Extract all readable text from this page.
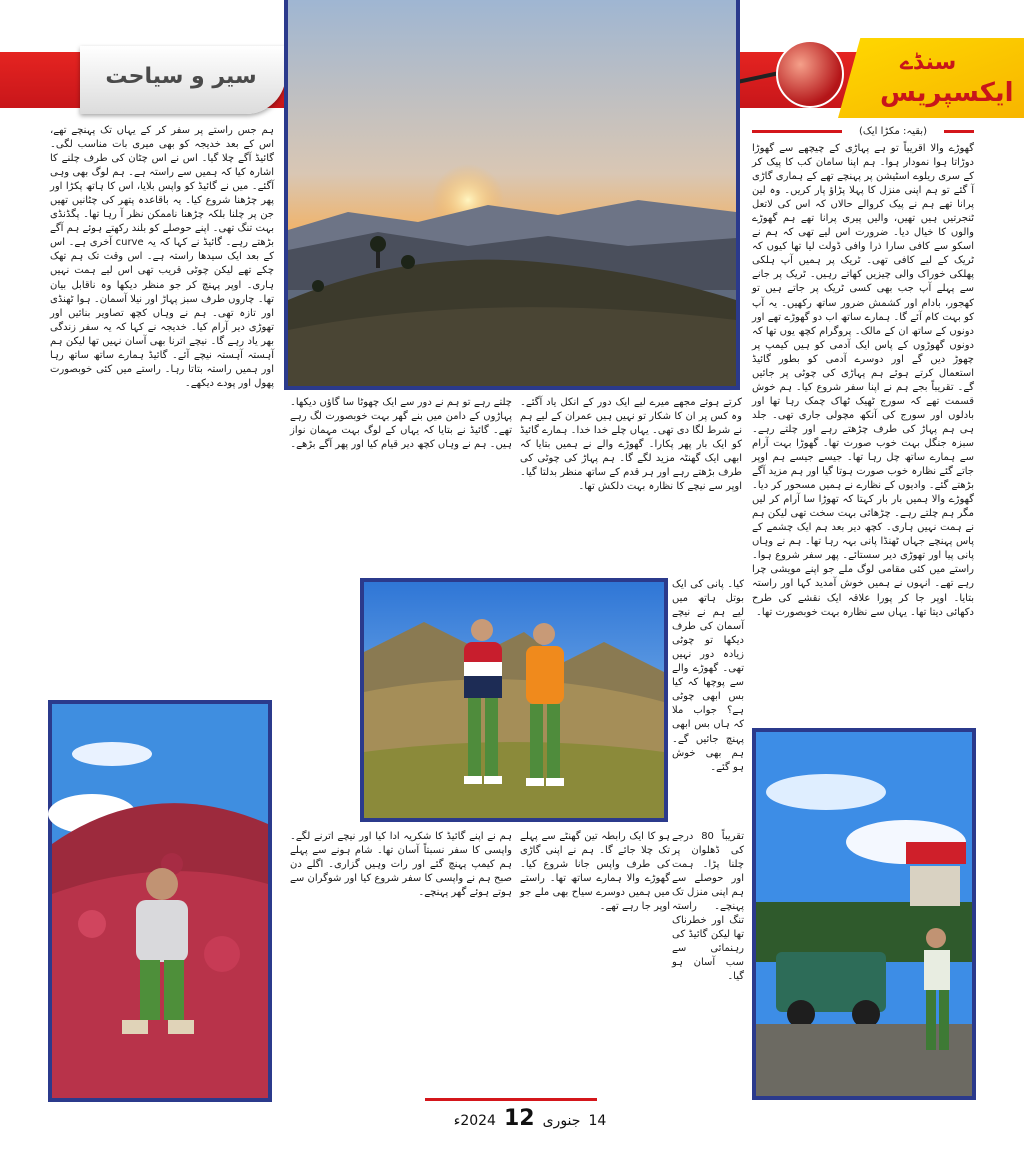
سیر و سیاحت
سنڈے
ایکسپریس
(بقیہ: مکڑا ایک)
گھوڑے والا اقریباً تو ہے پہاڑی کے چیچھے سے گھوڑا دوڑاتا ہوا نمودار ہوا۔ ہم اپنا سامان کب کا پیک کر کے سری ریلوے اسٹیشن پر پہنچے تھے کے ہماری گاڑی آ گئے تو ہم اپنی منزل کا پہلا پڑاؤ پار کریں۔ وہ لین پرانا تھے ہم نے پیک کروالے حالاں کہ اس کی لاتعل ٹنجرتیں ہیں تھیں، والیں پیری پرانا تھے ہم گھوڑے والوں کا خیال دیا۔ ضرورت اس لیے تھی کہ ہم نے اسکو سے کافی سارا ذرا وافی ڈولت لیا تھا کیوں کہ ٹریک کے لیے کافی تھی۔ ٹریک پر ہمیں آپ ہلکی پھلکی خوراک والی چیزیں کھاتے رہیں۔ ٹریک پر جانے سے پہلے آپ جب بھی کسی ٹریک پر جاتے ہیں تو کھجور، بادام اور کشمش ضرور ساتھ رکھیں۔ یہ آپ کو بہت کام آئے گا۔ ہمارے ساتھ اب دو گھوڑے تھے اور دونوں کے ساتھ ان کے مالک۔ پروگرام کچھ یوں تھا کہ دونوں گھوڑوں کے پاس ایک آدمی کو ہیں کیمپ پر چھوڑ دیں گے اور دوسرے آدمی کو بطور گائیڈ استعمال کرتے ہوئے ہم پہاڑی کی چوٹی پر جائیں گے۔ تقریباً بجے ہم نے اپنا سفر شروع کیا۔ ہم خوش قسمت تھے کہ سورج ٹھیک ٹھاک چمک رہا تھا اور بادلوں اور سورج کی آنکھ مچولی جاری تھی۔ جلد ہی ہم پہاڑ کی طرف چڑھتے رہے اور چلتے رہے۔ سبزہ جنگل بہت خوب صورت تھا۔ گھوڑا بہت آرام سے ہمارے ساتھ چل رہا تھا۔ جیسے جیسے ہم اوپر جاتے گئے نظارہ خوب صورت ہوتا گیا اور ہم مزید آگے بڑھتے گئے۔ وادیوں کے نظارے نے ہمیں مسحور کر دیا۔ گھوڑے والا ہمیں بار بار کہتا کہ تھوڑا سا آرام کر لیں مگر ہم چلتے رہے۔ چڑھائی بہت سخت تھی لیکن ہم نے ہمت نہیں ہاری۔ کچھ دیر بعد ہم ایک چشمے کے پاس پہنچے جہاں ٹھنڈا پانی بہہ رہا تھا۔ ہم نے وہاں پانی پیا اور تھوڑی دیر سستائے۔ پھر سفر شروع ہوا۔ راستے میں کئی مقامی لوگ ملے جو اپنے مویشی چرا رہے تھے۔ انہوں نے ہمیں خوش آمدید کہا اور راستہ بتایا۔ اوپر جا کر پورا علاقہ ایک نقشے کی طرح دکھائی دیتا تھا۔ یہاں سے نظارہ بہت خوبصورت تھا۔
ہم جس راستے پر سفر کر کے یہاں تک پہنچے تھے، اس کے بعد خدیجہ کو بھی میری بات مناسب لگی۔ گائیڈ آگے چلا گیا۔ اس نے اس چٹان کی طرف چلنے کا اشارہ کیا کہ ہمیں سے راستہ ہے۔ ہم لوگ بھی وہی آگئے۔ میں نے گائیڈ کو واپس بلایا، اس کا ہاتھ پکڑا اور پھر چڑھنا شروع کیا۔ یہ باقاعدہ پتھر کی چٹانیں تھیں جن پر چلنا بلکہ چڑھنا ناممکن نظر آ رہا تھا۔ پگڈنڈی بہت تنگ تھی۔ اپنے حوصلے کو بلند رکھتے ہوئے ہم آگے بڑھتے رہے۔ گائیڈ نے کہا کہ یہ curve آخری ہے۔ اس کے بعد ایک سیدھا راستہ ہے۔ اس وقت تک ہم تھک چکے تھے لیکن چوٹی قریب تھی اس لیے ہمت نہیں ہاری۔ اوپر پہنچ کر جو منظر دیکھا وہ ناقابل بیان تھا۔ چاروں طرف سبز پہاڑ اور نیلا آسمان۔ ہوا ٹھنڈی اور تازہ تھی۔ ہم نے وہاں کچھ تصاویر بنائیں اور تھوڑی دیر آرام کیا۔ خدیجہ نے کہا کہ یہ سفر زندگی بھر یاد رہے گا۔ نیچے اترنا بھی آسان نہیں تھا لیکن ہم آہستہ آہستہ نیچے آئے۔ گائیڈ ہمارے ساتھ ساتھ رہا اور ہمیں راستہ بتاتا رہا۔ راستے میں کئی خوبصورت پھول اور پودے دیکھے۔
کرتے ہوئے مجھے میرے لیے ایک دور کے انکل یاد آگئے۔ وہ کس پر ان کا شکار تو نہیں ہیں عمران کے لیے ہم نے شرط لگا دی تھی۔ یہاں چلے خدا خدا۔ ہمارے گائیڈ کو ایک بار پھر پکارا۔ گھوڑے والے نے ہمیں بتایا کہ ابھی ایک گھنٹہ مزید لگے گا۔ ہم پہاڑ کی چوٹی کی طرف بڑھتے رہے اور ہر قدم کے ساتھ منظر بدلتا گیا۔ اوپر سے نیچے کا نظارہ بہت دلکش تھا۔
چلتے رہے تو ہم نے دور سے ایک چھوٹا سا گاؤں دیکھا۔ پہاڑوں کے دامن میں بنے گھر بہت خوبصورت لگ رہے تھے۔ گائیڈ نے بتایا کہ یہاں کے لوگ بہت مہمان نواز ہیں۔ ہم نے وہاں کچھ دیر قیام کیا اور پھر آگے بڑھے۔
کیا۔ پانی کی ایک بوتل ہاتھ میں لیے ہم نے نیچے آسمان کی طرف دیکھا تو چوٹی زیادہ دور نہیں تھی۔ گھوڑے والے سے پوچھا کہ کیا بس ابھی چوٹی ہے؟ جواب ملا کہ ہاں بس ابھی پہنچ جائیں گے۔ ہم بھی خوش ہو گئے۔
تقریباً 80 درجے کی ڈھلوان پر چلنا پڑا۔ ہمت اور حوصلے سے ہم اپنی منزل تک پہنچے۔ راستہ تنگ اور خطرناک تھا لیکن گائیڈ کی رہنمائی سے سب آسان ہو گیا۔
ہو کا ایک رابطہ تین گھنٹے سے پہلے تک چلا جائے گا۔ ہم نے اپنی گاڑی کی طرف واپس جانا شروع کیا۔ گھوڑے والا ہمارے ساتھ تھا۔ راستے میں ہمیں دوسرے سیاح بھی ملے جو اوپر جا رہے تھے۔
ہم نے اپنے گائیڈ کا شکریہ ادا کیا اور نیچے اترنے لگے۔ واپسی کا سفر نسبتاً آسان تھا۔ شام ہونے سے پہلے ہم کیمپ پہنچ گئے اور رات وہیں گزاری۔ اگلے دن صبح ہم نے واپسی کا سفر شروع کیا اور شوگران سے ہوتے ہوئے گھر پہنچے۔
14
جنوری
12
2024ء
